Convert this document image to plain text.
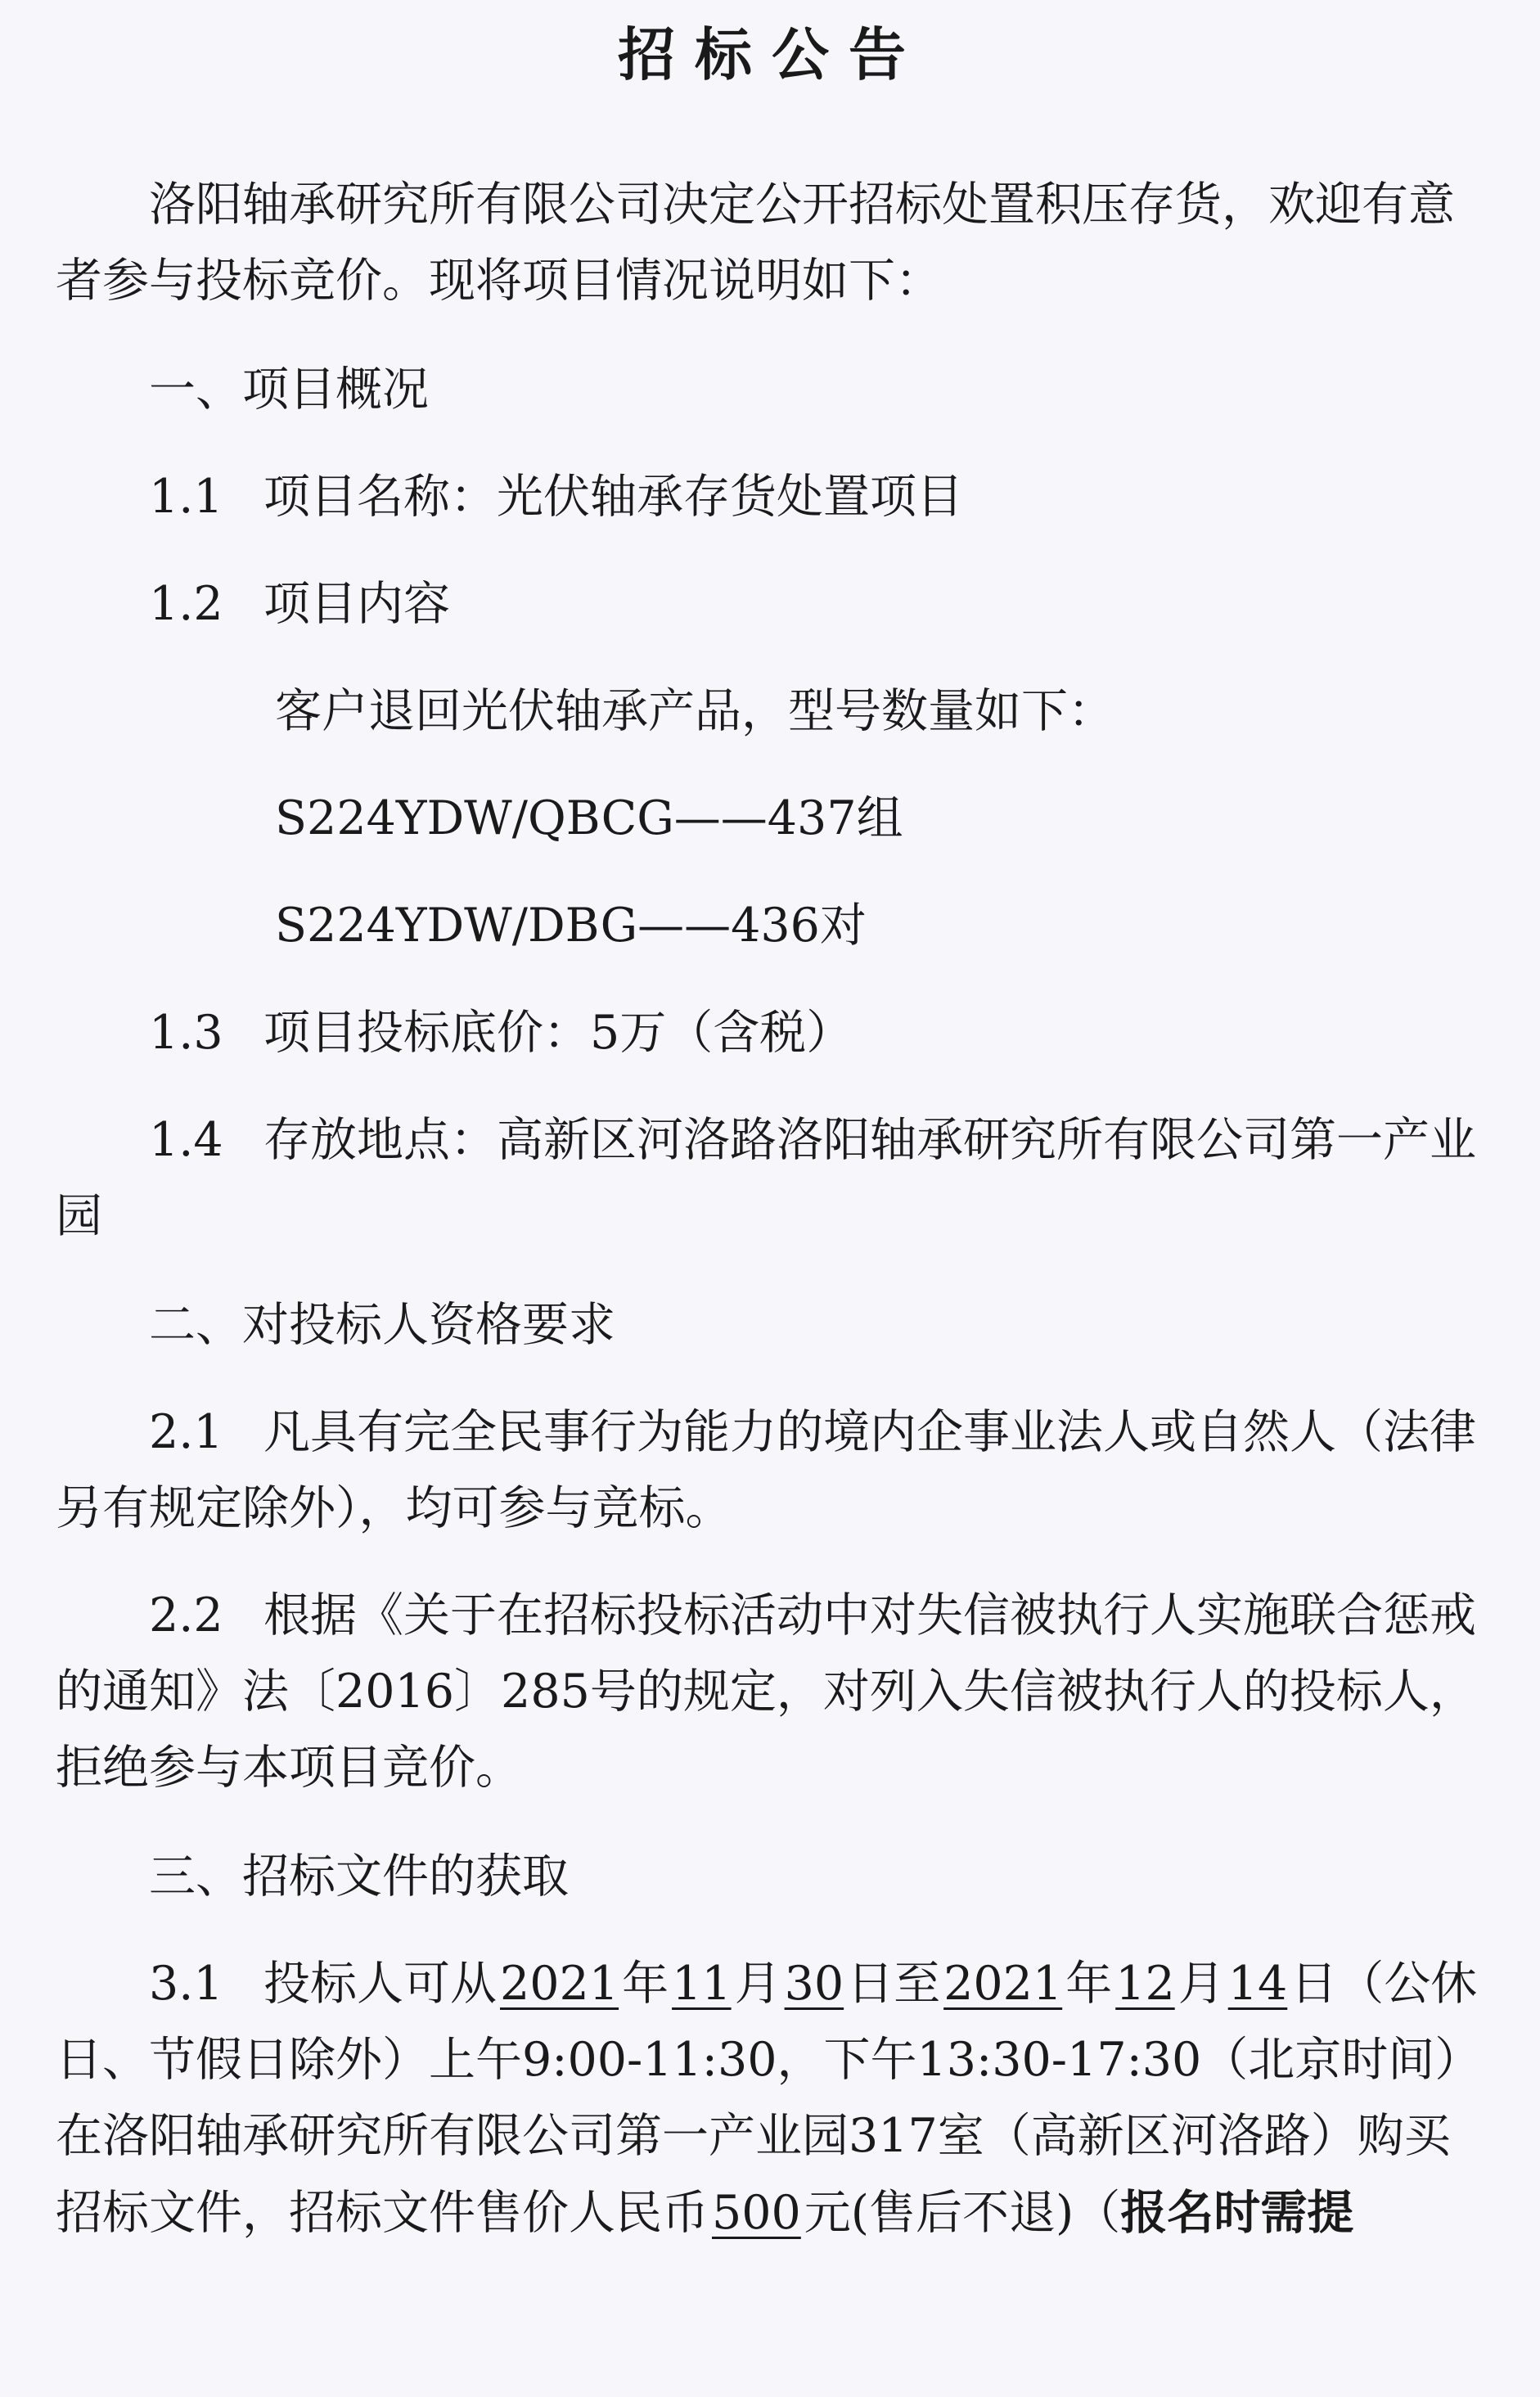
招标公告

洛阳轴承研究所有限公司决定公开招标处置积压存货，欢迎有意者参与投标竞价。现将项目情况说明如下：

一、项目概况

1.1 项目名称：光伏轴承存货处置项目

1.2 项目内容

客户退回光伏轴承产品，型号数量如下：

S224YDW/QBCG——437组

S224YDW/DBG——436对

1.3 项目投标底价：5万（含税）

1.4 存放地点：高新区河洛路洛阳轴承研究所有限公司第一产业园

二、对投标人资格要求

2.1 凡具有完全民事行为能力的境内企事业法人或自然人（法律另有规定除外），均可参与竞标。

2.2 根据《关于在招标投标活动中对失信被执行人实施联合惩戒的通知》法〔2016〕285号的规定，对列入失信被执行人的投标人，拒绝参与本项目竞价。

三、招标文件的获取

3.1 投标人可从2021年11月30日至2021年12月14日（公休日、节假日除外）上午9:00-11:30，下午13:30-17:30（北京时间）在洛阳轴承研究所有限公司第一产业园317室（高新区河洛路）购买招标文件，招标文件售价人民币500元(售后不退)（报名时需提
